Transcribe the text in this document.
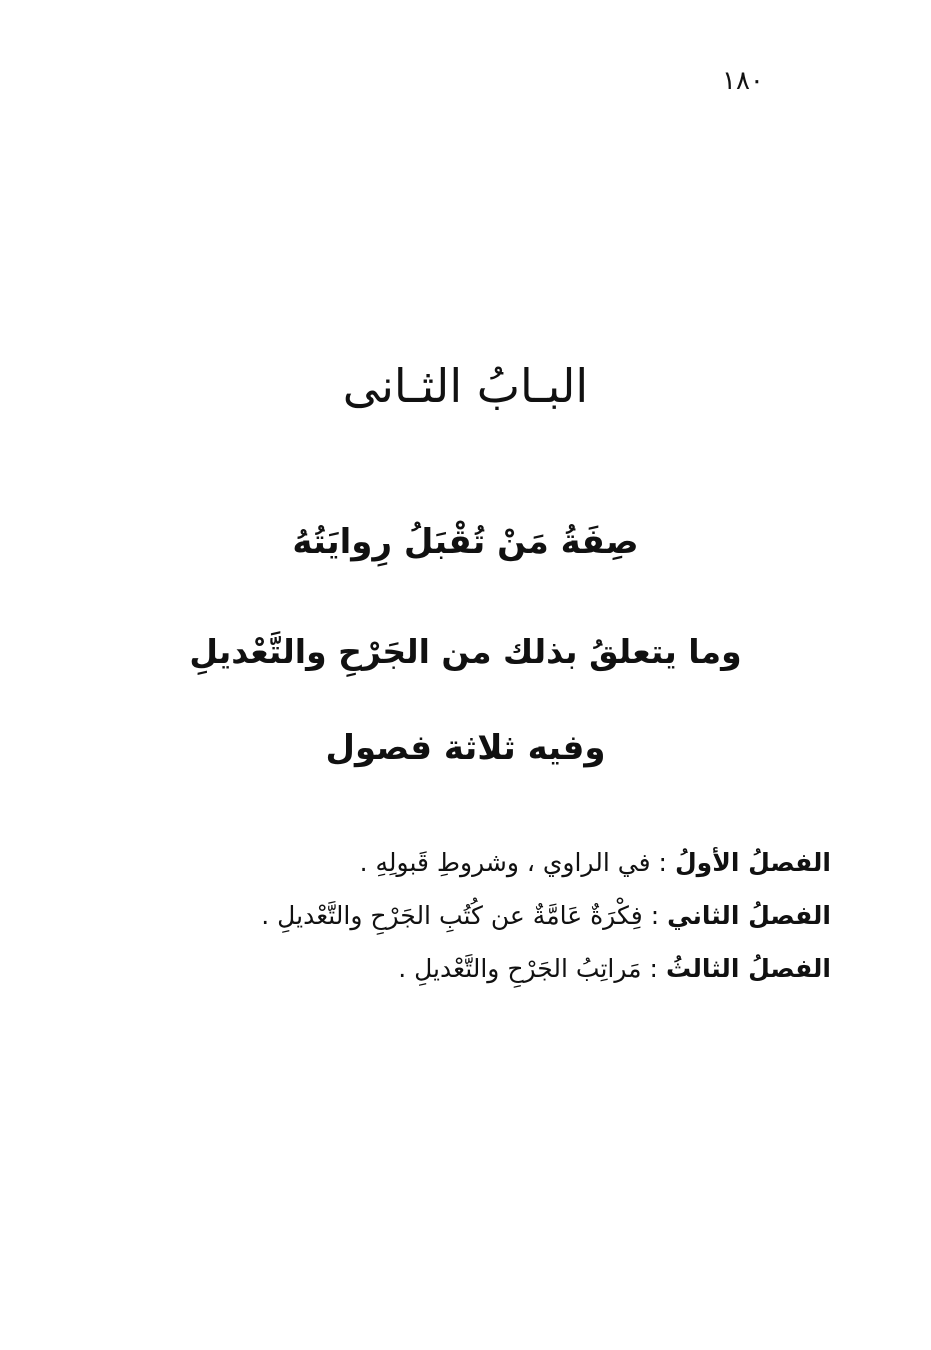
١٨٠
البـابُ الثـانى
صِفَةُ مَنْ تُقْبَلُ رِوايَتُهُ
وما يتعلقُ بذلك من الجَرْحِ والتَّعْديلِ
وفيه ثلاثة فصول
الفصلُ الأولُ:في الراوي ، وشروطِ قَبولِهِ .
الفصلُ الثاني:فِكْرَةٌ عَامَّةٌ عن كُتُبِ الجَرْحِ والتَّعْديلِ .
الفصلُ الثالثُ:مَراتِبُ الجَرْحِ والتَّعْديلِ .
